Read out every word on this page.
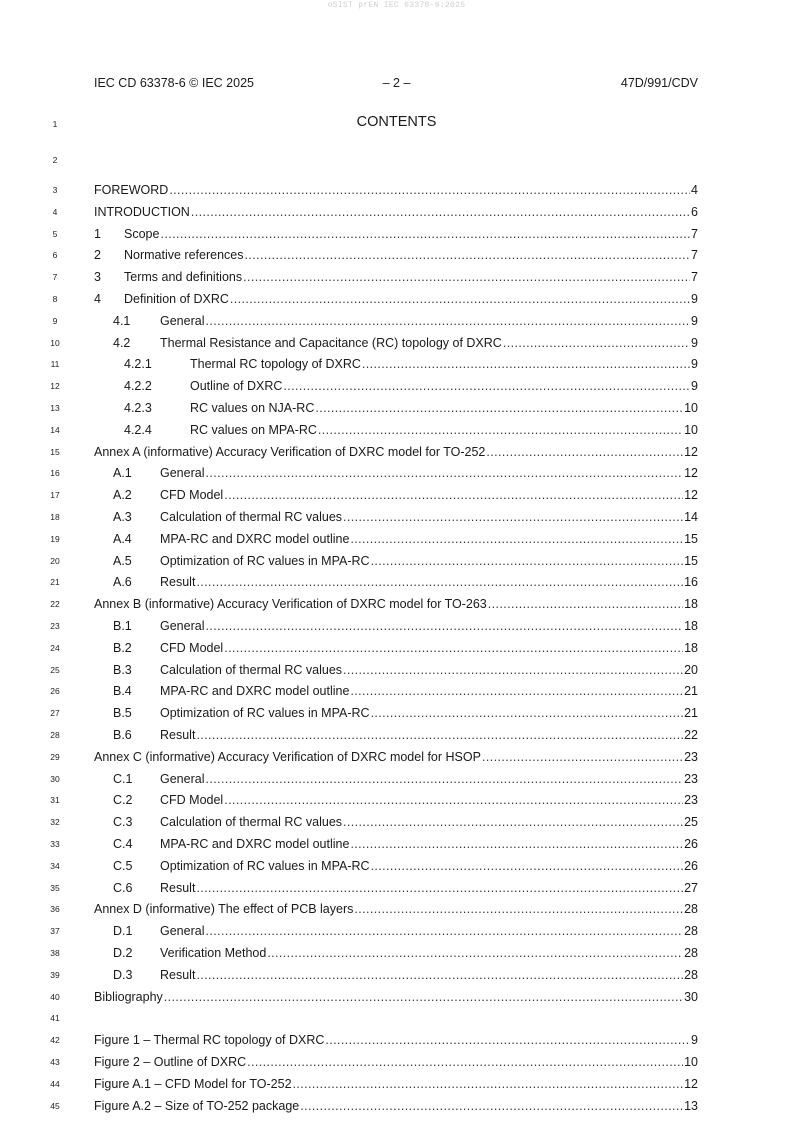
oSIST prEN IEC 63378-6:2025
IEC CD 63378-6 © IEC 2025	– 2 –	47D/991/CDV
CONTENTS
1
2
3
4
5
6
7
8
9
10
11
12
13
14
15
16
17
18
19
20
21
22
23
24
25
26
27
28
29
30
31
32
33
34
35
36
37
38
39
40
41
42
43
44
45
FOREWORD .....	4
INTRODUCTION .....	6
1 Scope .....	7
2 Normative references .....	7
3 Terms and definitions .....	7
4 Definition of DXRC .....	9
4.1 General .....	9
4.2 Thermal Resistance and Capacitance (RC) topology of DXRC .....	9
4.2.1	Thermal RC topology of DXRC .....	9
4.2.2	Outline of DXRC .....	9
4.2.3	RC values on NJA-RC .....	10
4.2.4	RC values on MPA-RC .....	10
Annex A (informative) Accuracy Verification of DXRC model for TO-252 .....	12
A.1 General .....	12
A.2 CFD Model .....	12
A.3 Calculation of thermal RC values .....	14
A.4 MPA-RC and DXRC model outline .....	15
A.5 Optimization of RC values in MPA-RC .....	15
A.6 Result .....	16
Annex B (informative) Accuracy Verification of DXRC model for TO-263 .....	18
B.1 General .....	18
B.2 CFD Model .....	18
B.3 Calculation of thermal RC values .....	20
B.4 MPA-RC and DXRC model outline .....	21
B.5 Optimization of RC values in MPA-RC .....	21
B.6 Result .....	22
Annex C (informative) Accuracy Verification of DXRC model for HSOP .....	23
C.1 General .....	23
C.2 CFD Model .....	23
C.3 Calculation of thermal RC values .....	25
C.4 MPA-RC and DXRC model outline .....	26
C.5 Optimization of RC values in MPA-RC .....	26
C.6 Result .....	27
Annex D (informative) The effect of PCB layers .....	28
D.1 General .....	28
D.2 Verification Method .....	28
D.3 Result .....	28
Bibliography .....	30
Figure 1 – Thermal RC topology of DXRC .....	9
Figure 2 – Outline of DXRC .....	10
Figure A.1 – CFD Model for TO-252 .....	12
Figure A.2 – Size of TO-252 package .....	13
